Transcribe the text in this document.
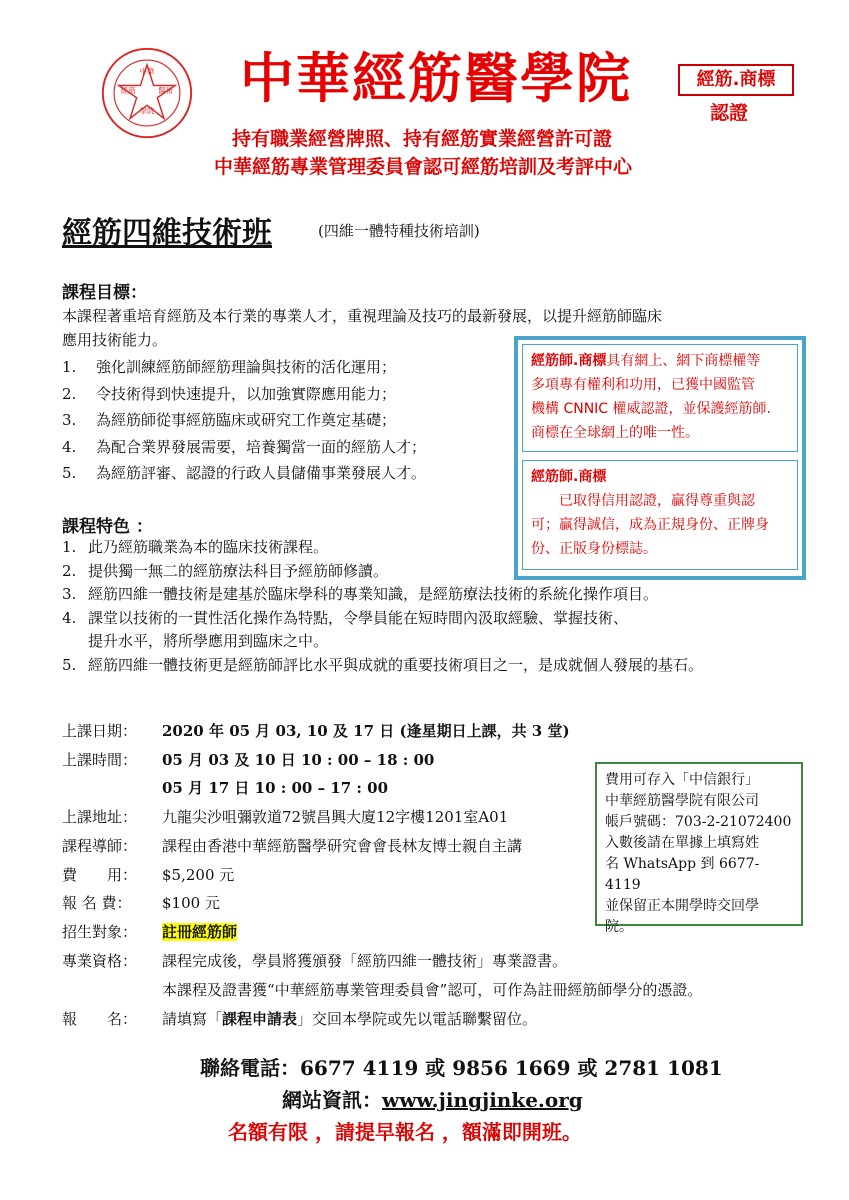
中華
經筋	醫術
學院
中華經筋醫學院	經筋.商標
認證
持有職業經營牌照、持有經筋實業經營許可證
中華經筋專業管理委員會認可經筋培訓及考評中心
經筋四維技術班	(四維一體特種技術培訓)
課程目標：
本課程著重培育經筋及本行業的專業人才，重視理論及技巧的最新發展，以提升經筋師臨床
應用技術能力。
1. 強化訓練經筋師經筋理論與技術的活化運用；
2. 令技術得到快速提升，以加強實際應用能力；
3. 為經筋師從事經筋臨床或研究工作奠定基礎；
4. 為配合業界發展需要，培養獨當一面的經筋人才；
5. 為經筋評審、認證的行政人員儲備事業發展人才。
課程特色 ：
1. 此乃經筋職業為本的臨床技術課程。
2. 提供獨一無二的經筋療法科目予經筋師修讀。
3. 經筋四維一體技術是建基於臨床學科的專業知識，是經筋療法技術的系統化操作項目。
4. 課堂以技術的一貫性活化操作為特點，令學員能在短時間內汲取經驗、掌握技術、
提升水平，將所學應用到臨床之中。
5. 經筋四維一體技術更是經筋師評比水平與成就的重要技術項目之一，是成就個人發展的基石。
經筋師.商標具有網上、網下商標權等
多項專有權利和功用，已獲中國監管
機構 CNNIC 權威認證，並保護經筋師.
商標在全球網上的唯一性。
經筋師.商標
已取得信用認證，贏得尊重與認
可；贏得誠信，成為正規身份、正牌身
份、正版身份標誌。
上課日期： 2020 年 05 月 03, 10 及 17 日 (逢星期日上課，共 3 堂)
上課時間： 05 月 03 及 10 日 10 : 00 – 18 : 00
05 月 17 日 10 : 00 – 17 : 00
上課地址： 九龍尖沙咀彌敦道72號昌興大廈12字樓1201室A01
課程導師： 課程由香港中華經筋醫學研究會會長林友博士親自主講
費　　用： $5,200 元
報 名 費： $100 元
招生對象： 註冊經筋師
專業資格： 課程完成後，學員將獲頒發「經筋四維一體技術」專業證書。
本課程及證書獲“中華經筋專業管理委員會”認可，可作為註冊經筋師學分的憑證。
報　　名： 請填寫「課程申請表」交回本學院或先以電話聯繫留位。
費用可存入「中信銀行」
中華經筋醫學院有限公司
帳戶號碼：703-2-21072400
入數後請在單據上填寫姓
名 WhatsApp 到 6677-4119
並保留正本開學時交回學
院。
聯絡電話：6677 4119 或 9856 1669 或 2781 1081
網站資訊：www.jingjinke.org
名額有限 ，請提早報名 ，額滿即開班。
